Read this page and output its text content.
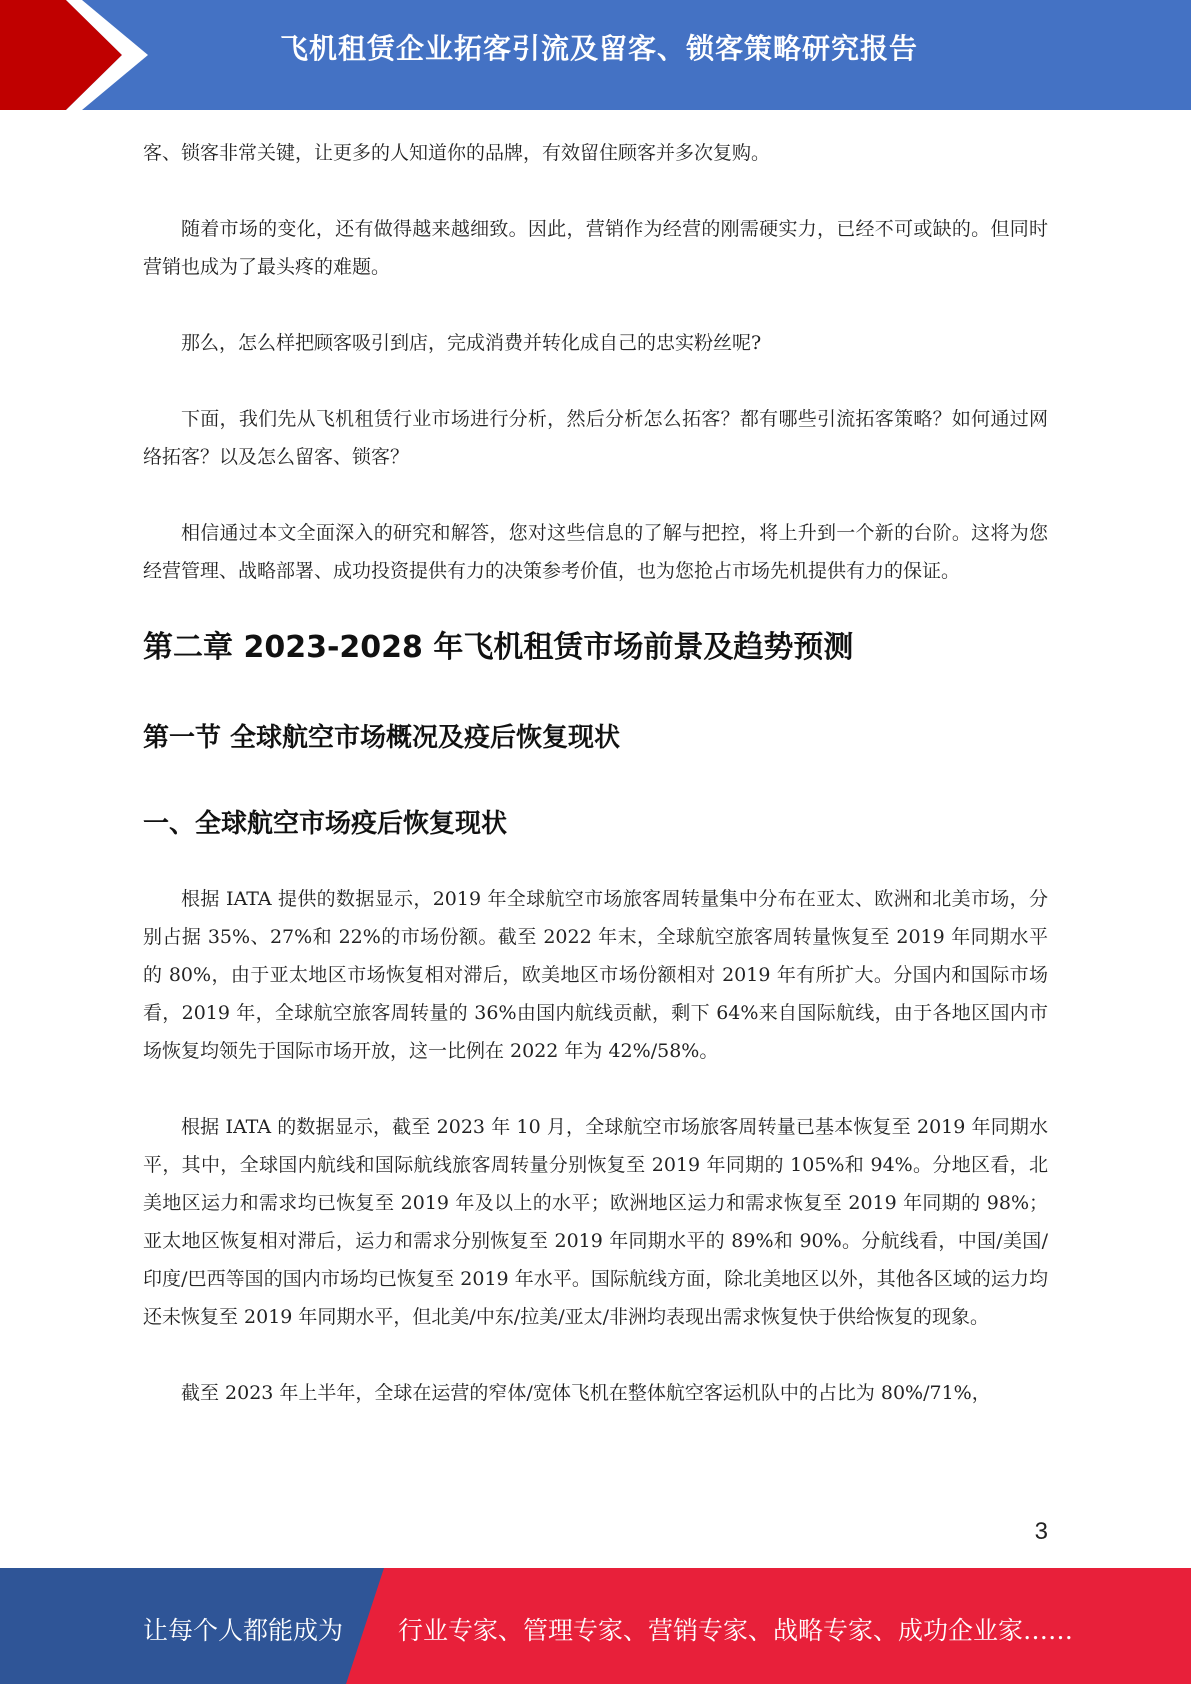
飞机租赁企业拓客引流及留客、锁客策略研究报告

客、锁客非常关键，让更多的人知道你的品牌，有效留住顾客并多次复购。

随着市场的变化，还有做得越来越细致。因此，营销作为经营的刚需硬实力，已经不可或缺的。但同时营销也成为了最头疼的难题。

那么，怎么样把顾客吸引到店，完成消费并转化成自己的忠实粉丝呢?

下面，我们先从飞机租赁行业市场进行分析，然后分析怎么拓客？都有哪些引流拓客策略？如何通过网络拓客？以及怎么留客、锁客？

相信通过本文全面深入的研究和解答，您对这些信息的了解与把控，将上升到一个新的台阶。这将为您经营管理、战略部署、成功投资提供有力的决策参考价值，也为您抢占市场先机提供有力的保证。

第二章 2023-2028 年飞机租赁市场前景及趋势预测
第一节 全球航空市场概况及疫后恢复现状
一、全球航空市场疫后恢复现状

根据 IATA 提供的数据显示，2019 年全球航空市场旅客周转量集中分布在亚太、欧洲和北美市场，分别占据 35%、27%和 22%的市场份额。截至 2022 年末，全球航空旅客周转量恢复至 2019 年同期水平的 80%，由于亚太地区市场恢复相对滞后，欧美地区市场份额相对 2019 年有所扩大。分国内和国际市场看，2019 年，全球航空旅客周转量的 36%由国内航线贡献，剩下 64%来自国际航线，由于各地区国内市场恢复均领先于国际市场开放，这一比例在 2022 年为 42%/58%。

根据 IATA 的数据显示，截至 2023 年 10 月，全球航空市场旅客周转量已基本恢复至 2019 年同期水平，其中，全球国内航线和国际航线旅客周转量分别恢复至 2019 年同期的 105%和 94%。分地区看，北美地区运力和需求均已恢复至 2019 年及以上的水平；欧洲地区运力和需求恢复至 2019 年同期的 98%；亚太地区恢复相对滞后，运力和需求分别恢复至 2019 年同期水平的 89%和 90%。分航线看，中国/美国/印度/巴西等国的国内市场均已恢复至 2019 年水平。国际航线方面，除北美地区以外，其他各区域的运力均还未恢复至 2019 年同期水平，但北美/中东/拉美/亚太/非洲均表现出需求恢复快于供给恢复的现象。

截至 2023 年上半年，全球在运营的窄体/宽体飞机在整体航空客运机队中的占比为 80%/71%，

3
让每个人都能成为 行业专家、管理专家、营销专家、战略专家、成功企业家……
